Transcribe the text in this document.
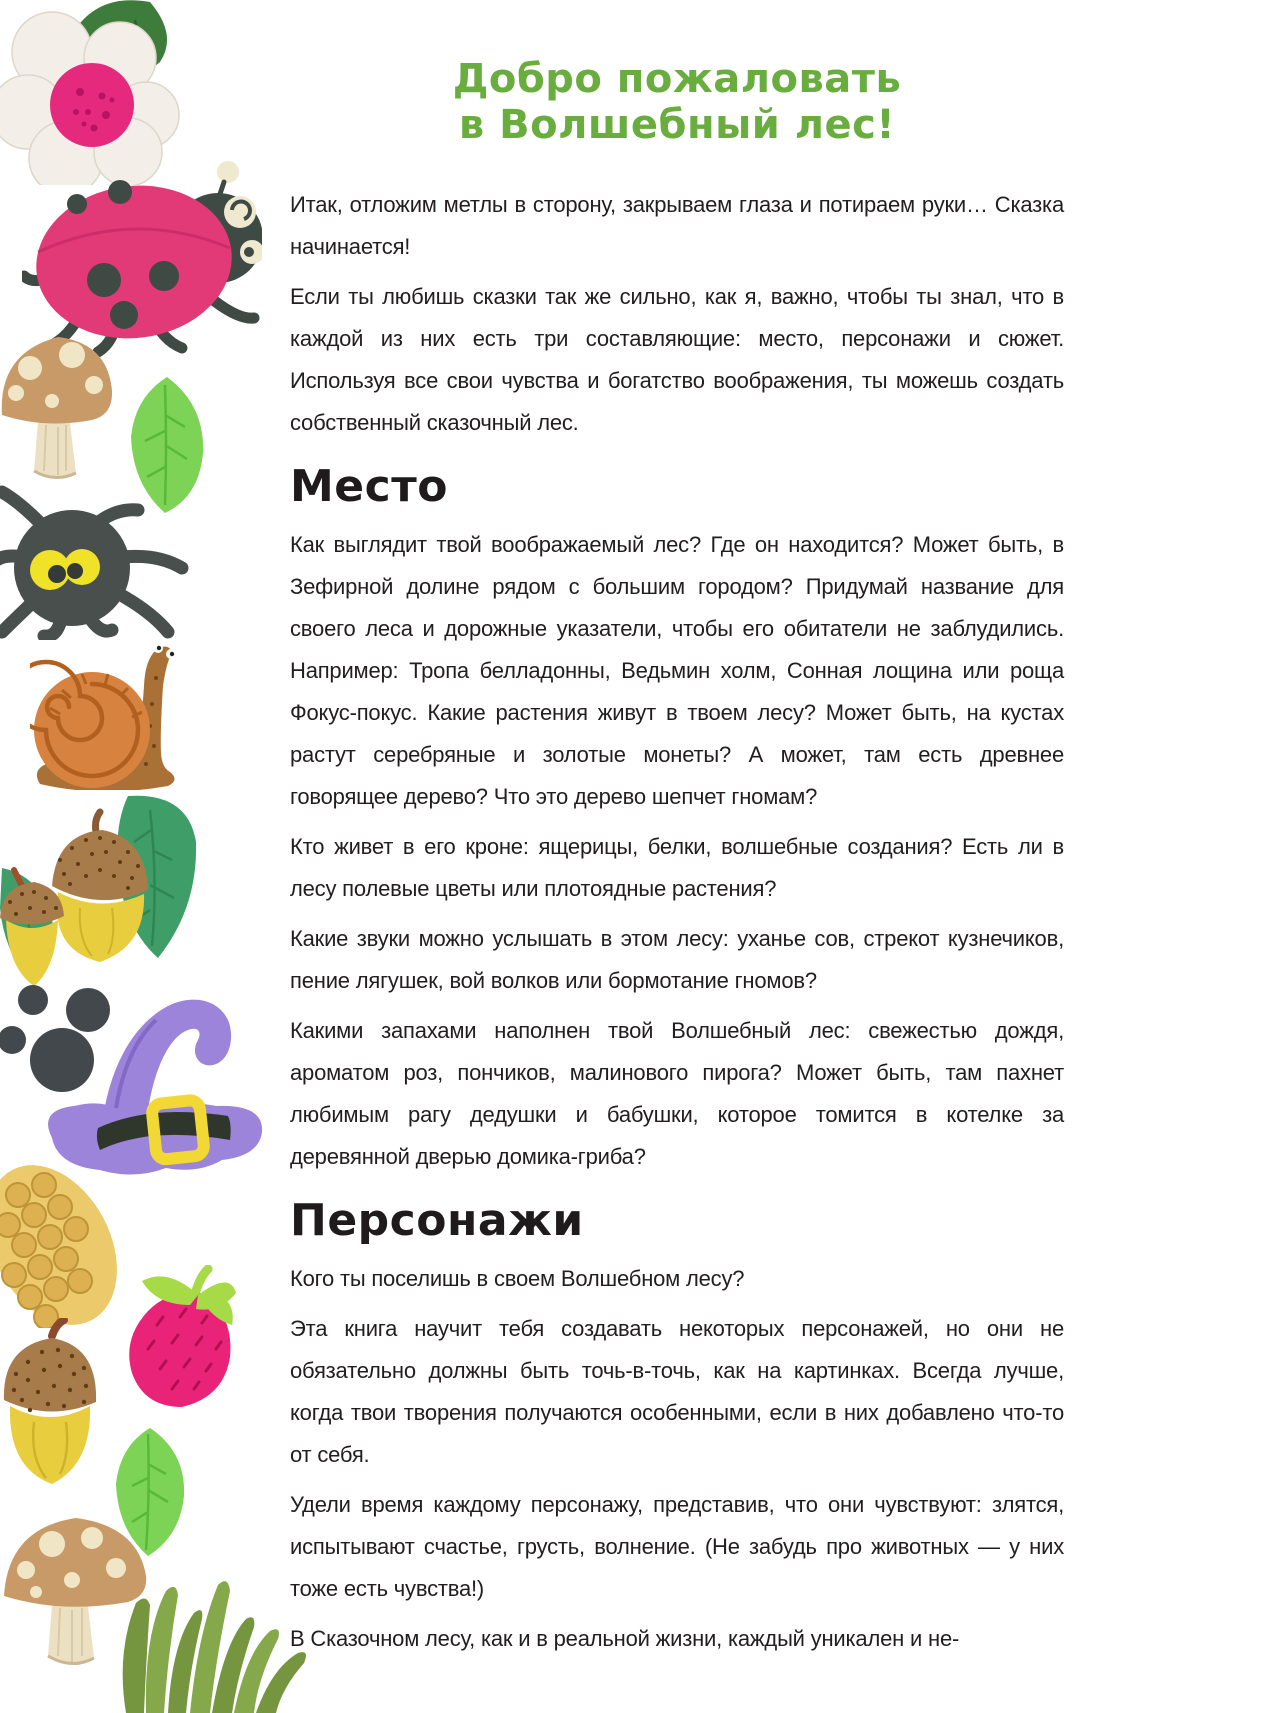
Добро пожаловать
в Волшебный лес!

Итак, отложим метлы в сторону, закрываем глаза и потираем руки… Сказка начинается!

Если ты любишь сказки так же сильно, как я, важно, чтобы ты знал, что в каждой из них есть три составляющие: место, персонажи и сюжет. Используя все свои чувства и богатство воображения, ты можешь создать собственный сказочный лес.

Место

Как выглядит твой воображаемый лес? Где он находится? Может быть, в Зефирной долине рядом с большим городом? Придумай название для своего леса и дорожные указатели, чтобы его обитатели не заблудились. Например: Тропа белладонны, Ведьмин холм, Сонная лощина или роща Фокус-покус. Какие растения живут в твоем лесу? Может быть, на кустах растут серебряные и золотые монеты? А может, там есть древнее говорящее дерево? Что это дерево шепчет гномам?

Кто живет в его кроне: ящерицы, белки, волшебные создания? Есть ли в лесу полевые цветы или плотоядные растения?

Какие звуки можно услышать в этом лесу: уханье сов, стрекот кузнечиков, пение лягушек, вой волков или бормотание гномов?

Какими запахами наполнен твой Волшебный лес: свежестью дождя, ароматом роз, пончиков, малинового пирога? Может быть, там пахнет любимым рагу дедушки и бабушки, которое томится в котелке за деревянной дверью домика-гриба?

Персонажи

Кого ты поселишь в своем Волшебном лесу?

Эта книга научит тебя создавать некоторых персонажей, но они не обязательно должны быть точь-в-точь, как на картинках. Всегда лучше, когда твои творения получаются особенными, если в них добавлено что-то от себя.

Удели время каждому персонажу, представив, что они чувствуют: злятся, испытывают счастье, грусть, волнение. (Не забудь про животных — у них тоже есть чувства!)

В Сказочном лесу, как и в реальной жизни, каждый уникален и не-
